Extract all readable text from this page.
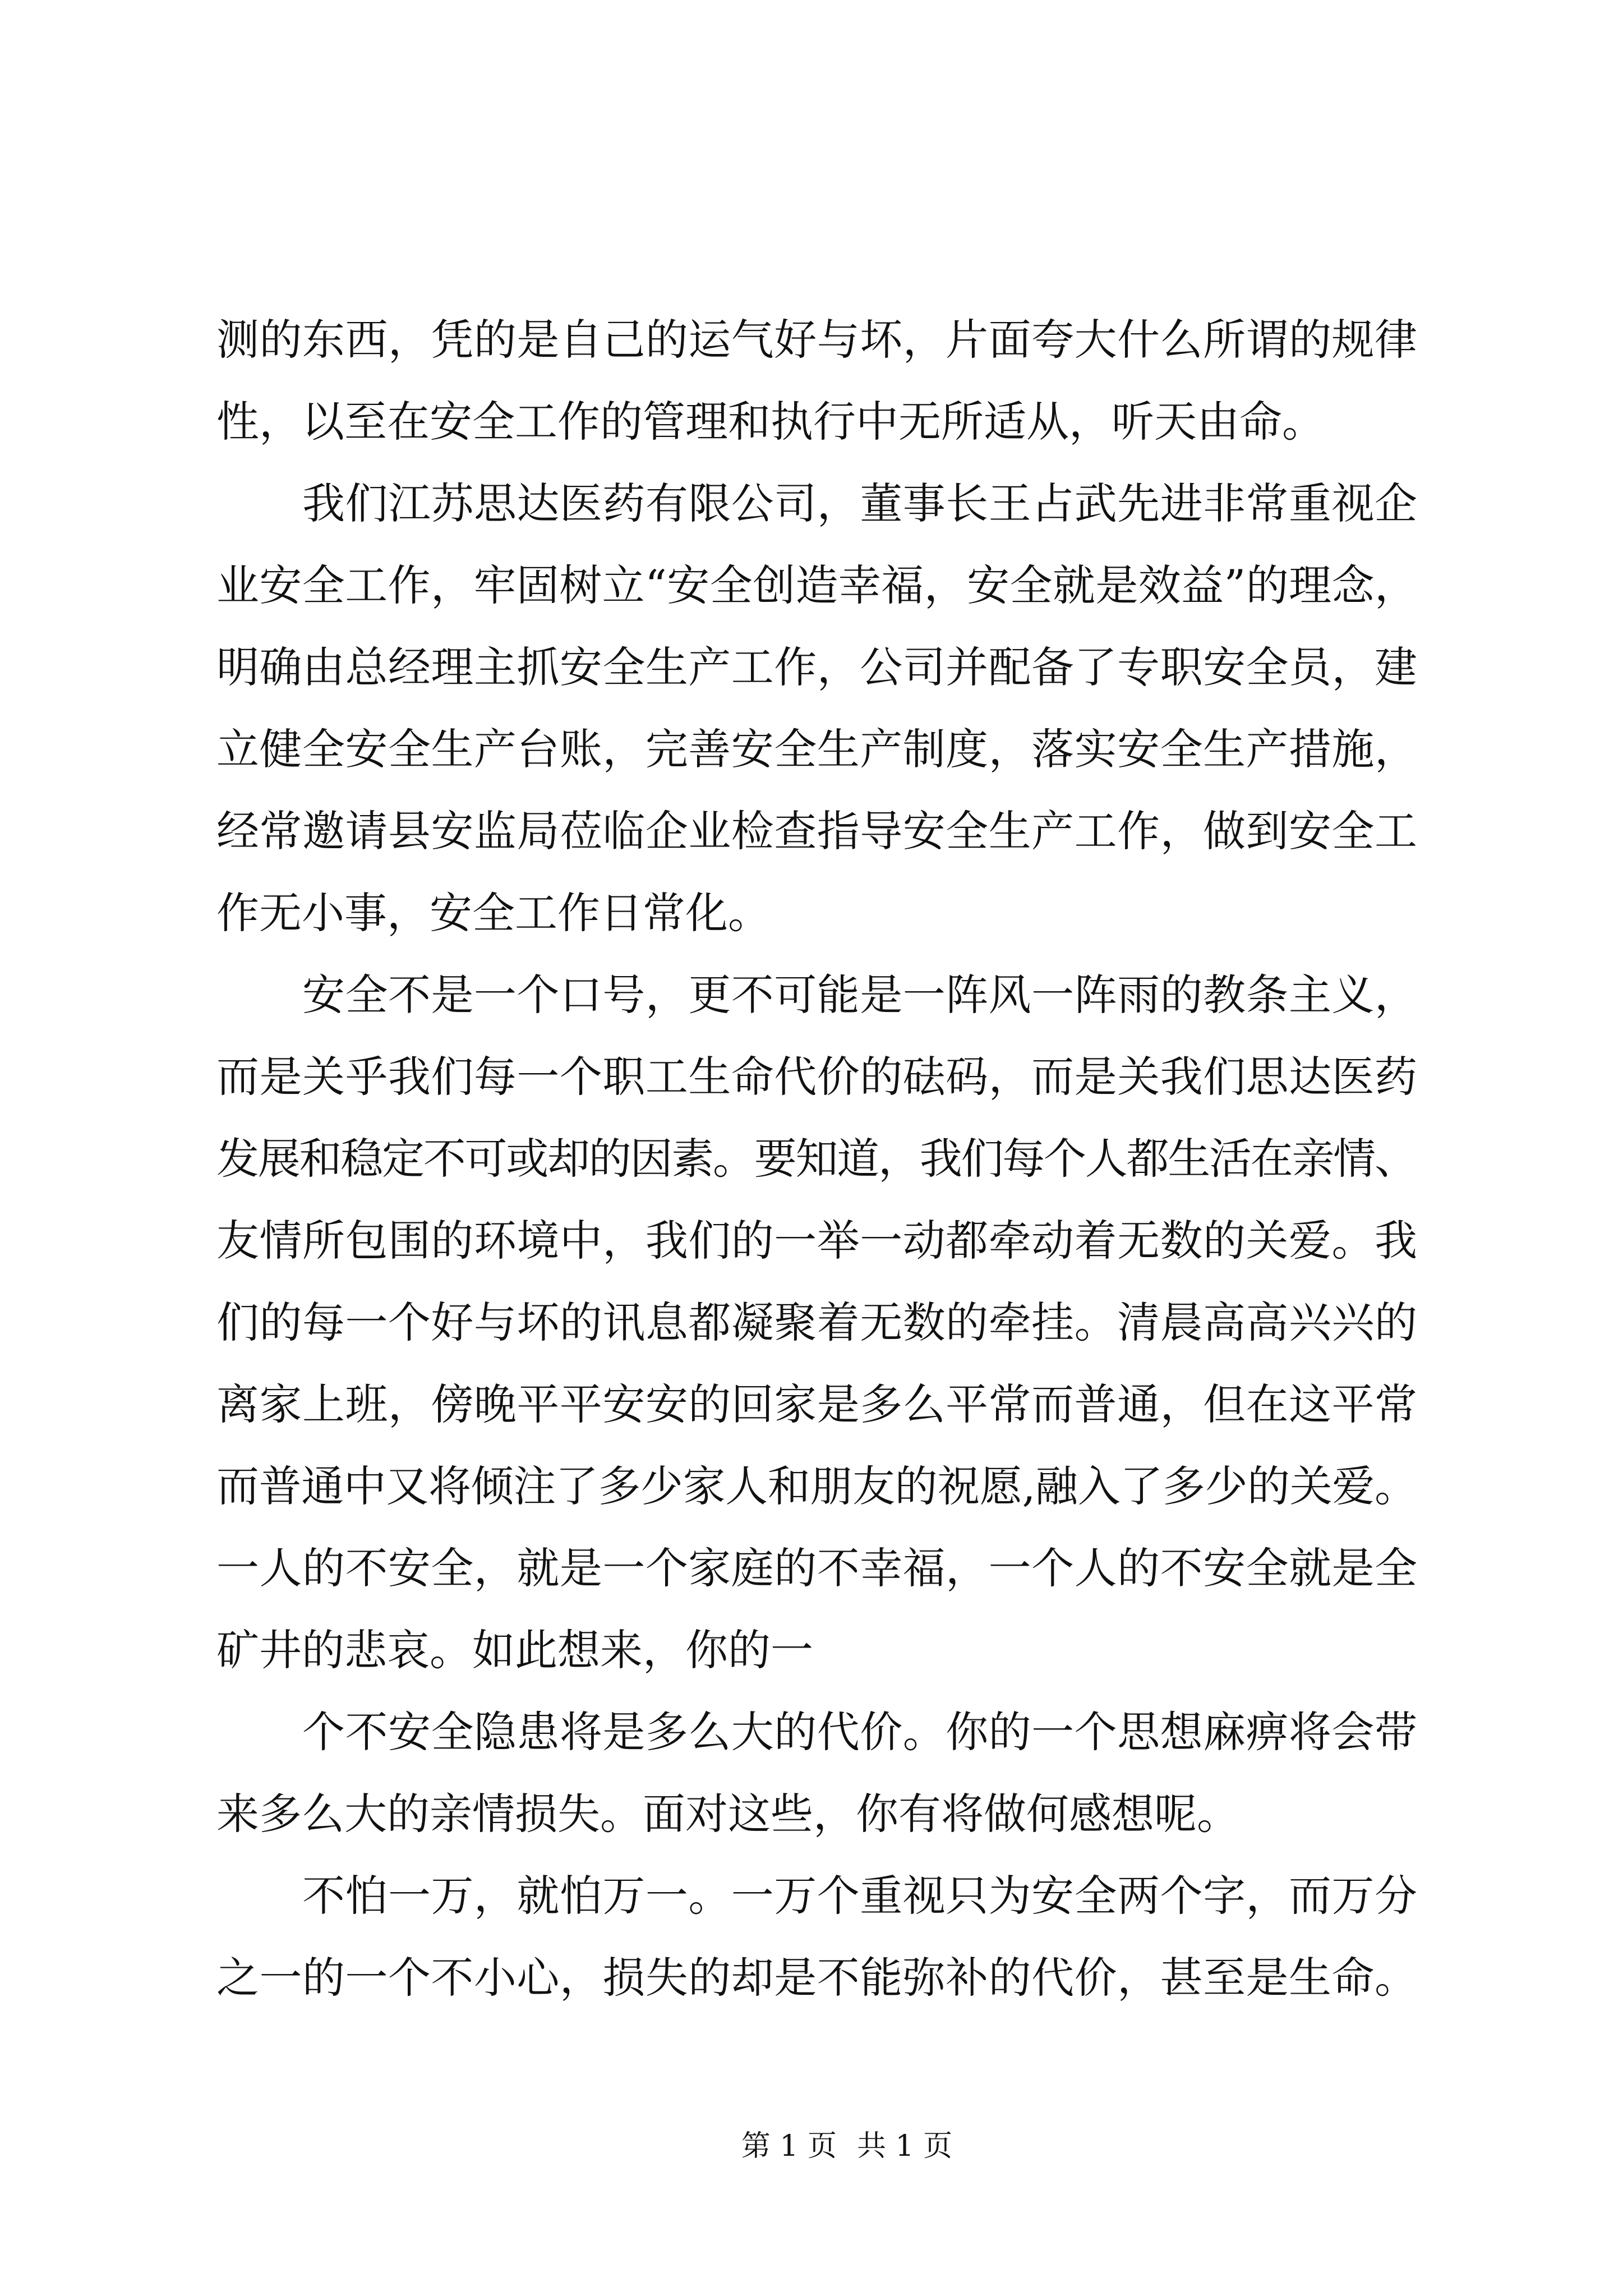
测的东西，凭的是自己的运气好与坏，片面夸大什么所谓的规律
性，以至在安全工作的管理和执行中无所适从，听天由命。
我们江苏思达医药有限公司，董事长王占武先进非常重视企
业安全工作，牢固树立“安全创造幸福，安全就是效益”的理念，
明确由总经理主抓安全生产工作，公司并配备了专职安全员，建
立健全安全生产台账，完善安全生产制度，落实安全生产措施，
经常邀请县安监局莅临企业检查指导安全生产工作，做到安全工
作无小事，安全工作日常化。
安全不是一个口号，更不可能是一阵风一阵雨的教条主义，
而是关乎我们每一个职工生命代价的砝码，而是关我们思达医药
发展和稳定不可或却的因素。要知道，我们每个人都生活在亲情、
友情所包围的环境中，我们的一举一动都牵动着无数的关爱。我
们的每一个好与坏的讯息都凝聚着无数的牵挂。清晨高高兴兴的
离家上班，傍晚平平安安的回家是多么平常而普通，但在这平常
而普通中又将倾注了多少家人和朋友的祝愿,融入了多少的关爱。
一人的不安全，就是一个家庭的不幸福，一个人的不安全就是全
矿井的悲哀。如此想来，你的一
个不安全隐患将是多么大的代价。你的一个思想麻痹将会带
来多么大的亲情损失。面对这些，你有将做何感想呢。
不怕一万，就怕万一。一万个重视只为安全两个字，而万分
之一的一个不小心，损失的却是不能弥补的代价，甚至是生命。
第 1 页 共 1 页
